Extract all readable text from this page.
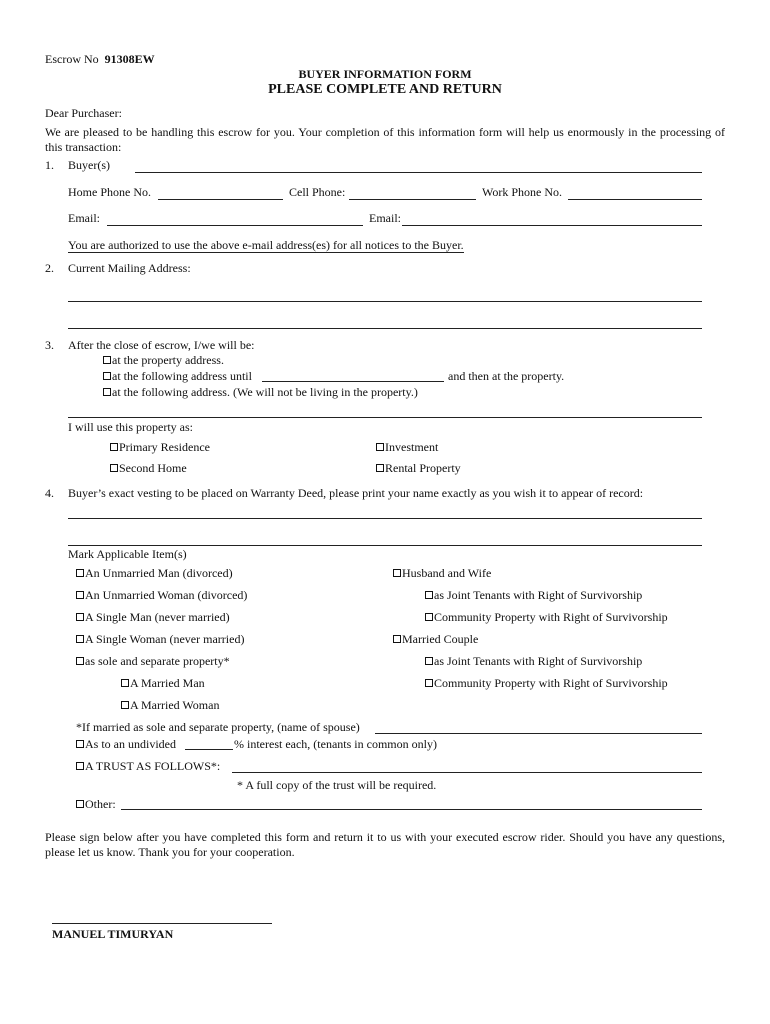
Escrow No 91308EW
BUYER INFORMATION FORM
PLEASE COMPLETE AND RETURN
Dear Purchaser:
We are pleased to be handling this escrow for you. Your completion of this information form will help us enormously in the processing of this transaction:
1. Buyer(s)
Home Phone No.	Cell Phone:	Work Phone No.
Email:	Email:
You are authorized to use the above e-mail address(es) for all notices to the Buyer.
2. Current Mailing Address:
3. After the close of escrow, I/we will be:
at the property address.
at the following address until	and then at the property.
at the following address. (We will not be living in the property.)
I will use this property as:
Primary Residence	Investment
Second Home	Rental Property
4. Buyer’s exact vesting to be placed on Warranty Deed, please print your name exactly as you wish it to appear of record:
Mark Applicable Item(s)
An Unmarried Man (divorced)	Husband and Wife
An Unmarried Woman (divorced)	as Joint Tenants with Right of Survivorship
A Single Man (never married)	Community Property with Right of Survivorship
A Single Woman (never married)	Married Couple
as sole and separate property*	as Joint Tenants with Right of Survivorship
A Married Man	Community Property with Right of Survivorship
A Married Woman
*If married as sole and separate property, (name of spouse)
As to an undivided	% interest each, (tenants in common only)
A TRUST AS FOLLOWS*:
* A full copy of the trust will be required.
Other:
Please sign below after you have completed this form and return it to us with your executed escrow rider. Should you have any questions, please let us know. Thank you for your cooperation.
MANUEL TIMURYAN
